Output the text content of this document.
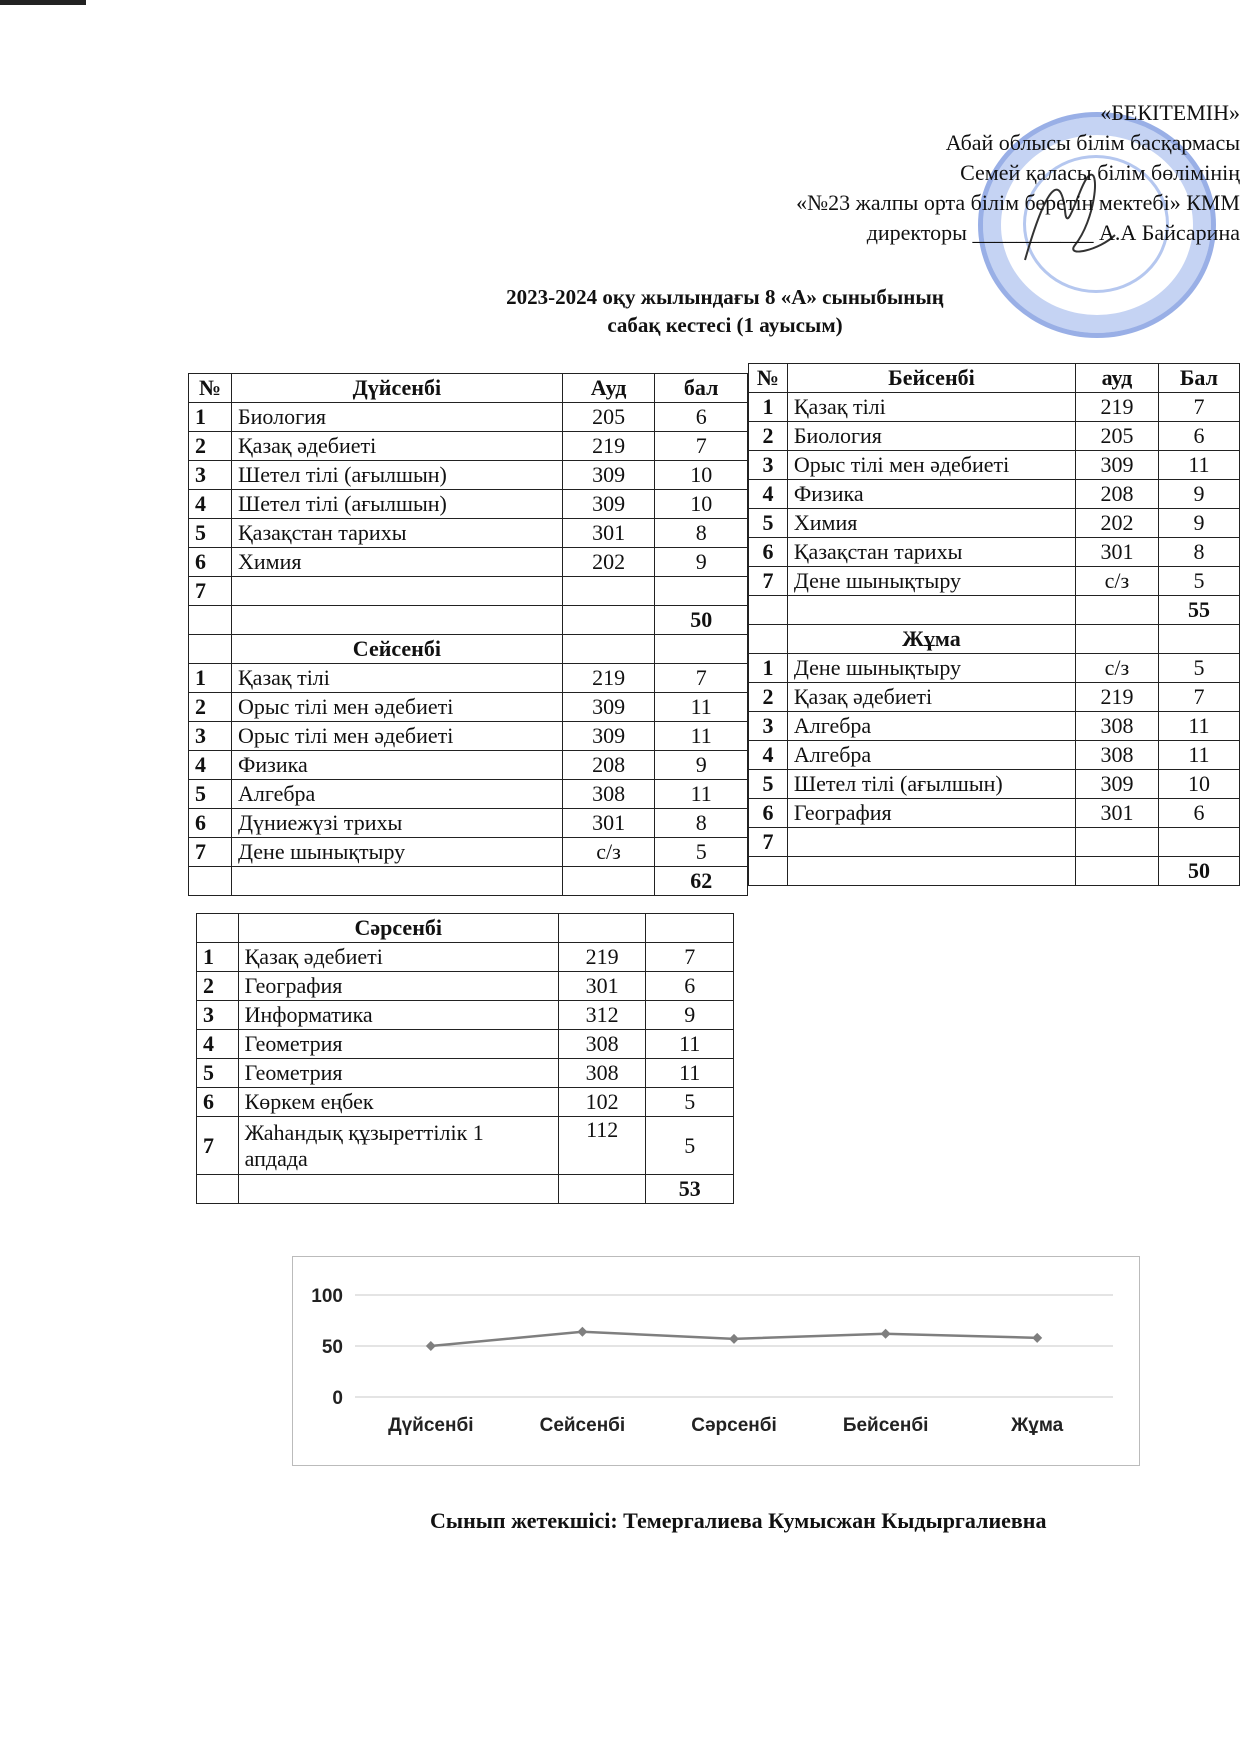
«БЕКІТЕМІН»
Абай облысы білім басқармасы
Семей қаласы білім бөлімінің
«№23 жалпы орта білім беретін мектебі» КММ
директоры ___________ А.А Байсарина
2023-2024 оқу жылындағы 8 «А» сыныбының
сабақ кестесі (1 ауысым)
№	Дүйсенбі	Ауд	бал
1	Биология	205	6
2	Қазақ әдебиеті	219	7
3	Шетел тілі (ағылшын)	309	10
4	Шетел тілі (ағылшын)	309	10
5	Қазақстан тарихы	301	8
6	Химия	202	9
7			
			50
	Сейсенбі		
1	Қазақ тілі	219	7
2	Орыс тілі мен әдебиеті	309	11
3	Орыс тілі мен әдебиеті	309	11
4	Физика	208	9
5	Алгебра	308	11
6	Дүниежүзі трихы	301	8
7	Дене шынықтыру	с/з	5
			62
№	Бейсенбі	ауд	Бал
1	Қазақ тілі	219	7
2	Биология	205	6
3	Орыс тілі мен әдебиеті	309	11
4	Физика	208	9
5	Химия	202	9
6	Қазақстан тарихы	301	8
7	Дене шынықтыру	с/з	5
			55
	Жұма		
1	Дене шынықтыру	с/з	5
2	Қазақ әдебиеті	219	7
3	Алгебра	308	11
4	Алгебра	308	11
5	Шетел тілі (ағылшын)	309	10
6	География	301	6
7			
			50
	Сәрсенбі		
1	Қазақ әдебиеті	219	7
2	География	301	6
3	Информатика	312	9
4	Геометрия	308	11
5	Геометрия	308	11
6	Көркем еңбек	102	5
7	Жаһандық құзыреттілік 1 апдада	112	5
			53
0
50
100
Дүйсенбі	Сейсенбі	Сәрсенбі	Бейсенбі	Жұма
Сынып жетекшісі: Темергалиева Кумысжан Кыдыргалиевна
